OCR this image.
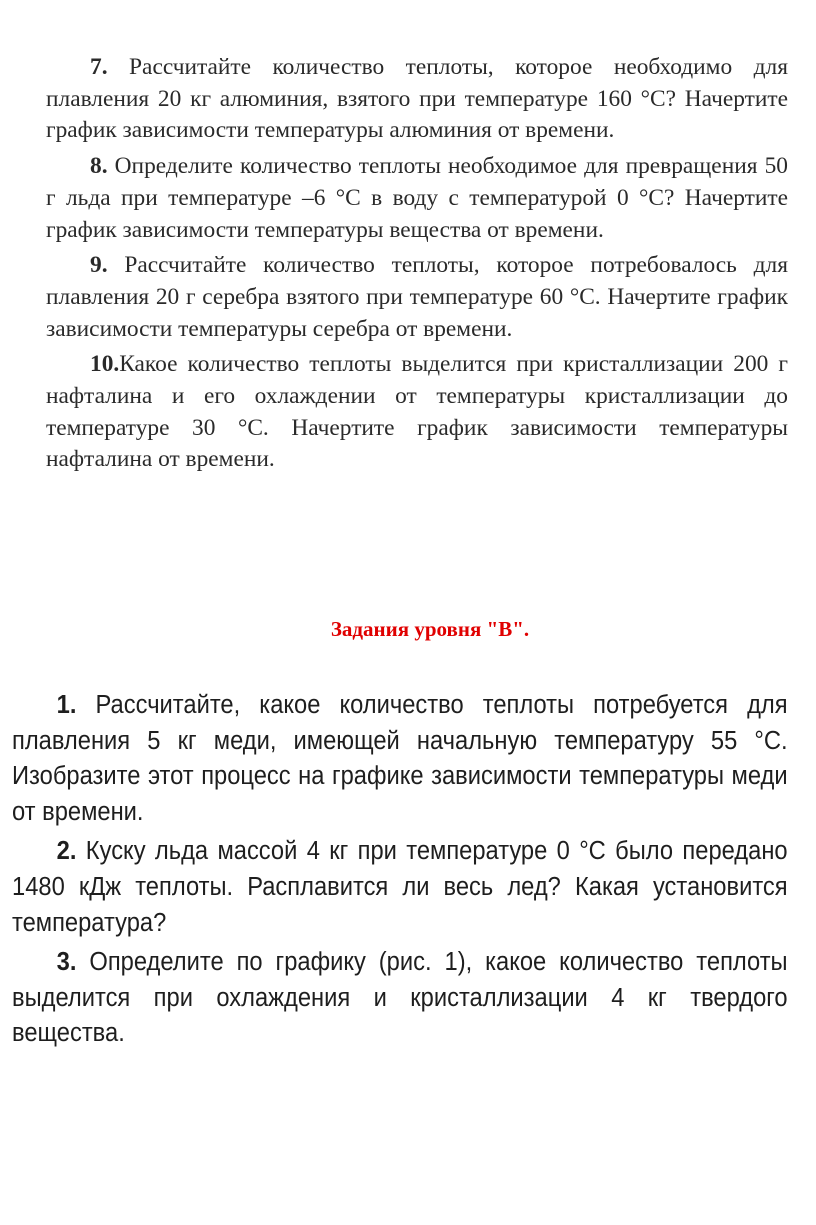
7. Рассчитайте количество теплоты, которое необходимо для плавления 20 кг алюминия, взятого при температуре 160 °С? Начертите график зависимости температуры алюминия от времени.

8. Определите количество теплоты необходимое для превращения 50 г льда при температуре –6 °С в воду с температурой 0 °С? Начертите график зависимости температуры вещества от времени.

9. Рассчитайте количество теплоты, которое потребовалось для плавления 20 г серебра взятого при температуре 60 °С. Начертите график зависимости температуры серебра от времени.

10.Какое количество теплоты выделится при кристаллизации 200 г нафталина и его охлаждении от температуры кристаллизации до температуре 30 °С. Начертите график зависимости температуры нафталина от времени.

Задания уровня "В".

1. Рассчитайте, какое количество теплоты потребуется для плавления 5 кг меди, имеющей начальную температуру 55 °С. Изобразите этот процесс на графике зависимости температуры меди от времени.

2. Куску льда массой 4 кг при температуре 0 °С было передано 1480 кДж теплоты. Расплавится ли весь лед? Какая установится температура?

3. Определите по графику (рис. 1), какое количество теплоты выделится при охлаждения и кристаллизации 4 кг твердого вещества.
